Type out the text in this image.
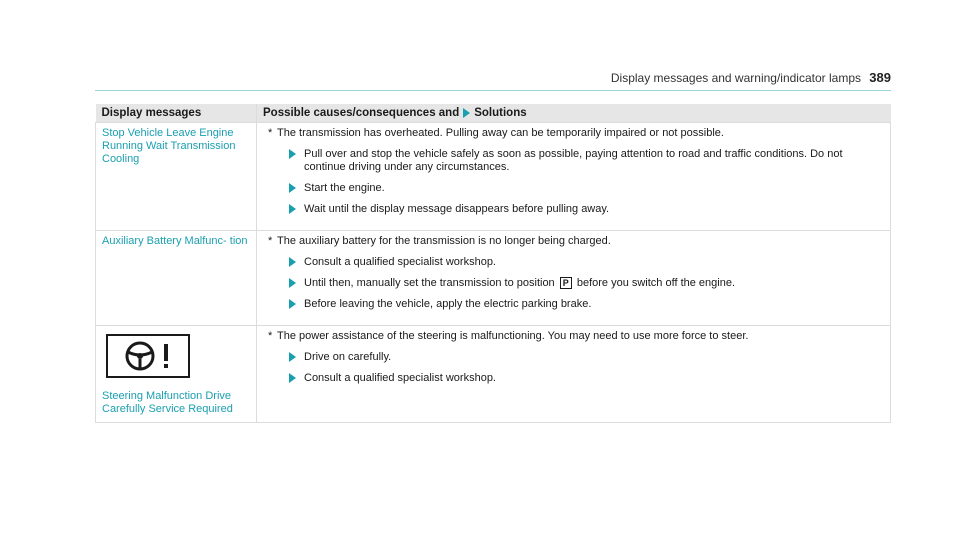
Display messages and warning/indicator lamps 389
Display messages	Possible causes/consequences and Solutions

Stop Vehicle Leave Engine Running Wait Transmission Cooling	* The transmission has overheated. Pulling away can be temporarily impaired or not possible.
Pull over and stop the vehicle safely as soon as possible, paying attention to road and traffic conditions. Do not continue driving under any circumstances.
Start the engine.
Wait until the display message disappears before pulling away.

Auxiliary Battery Malfunc- tion	* The auxiliary battery for the transmission is no longer being charged.
Consult a qualified specialist workshop.
Until then, manually set the transmission to position P before you switch off the engine.
Before leaving the vehicle, apply the electric parking brake.

Steering Malfunction Drive Carefully Service Required	* The power assistance of the steering is malfunctioning. You may need to use more force to steer.
Drive on carefully.
Consult a qualified specialist workshop.
